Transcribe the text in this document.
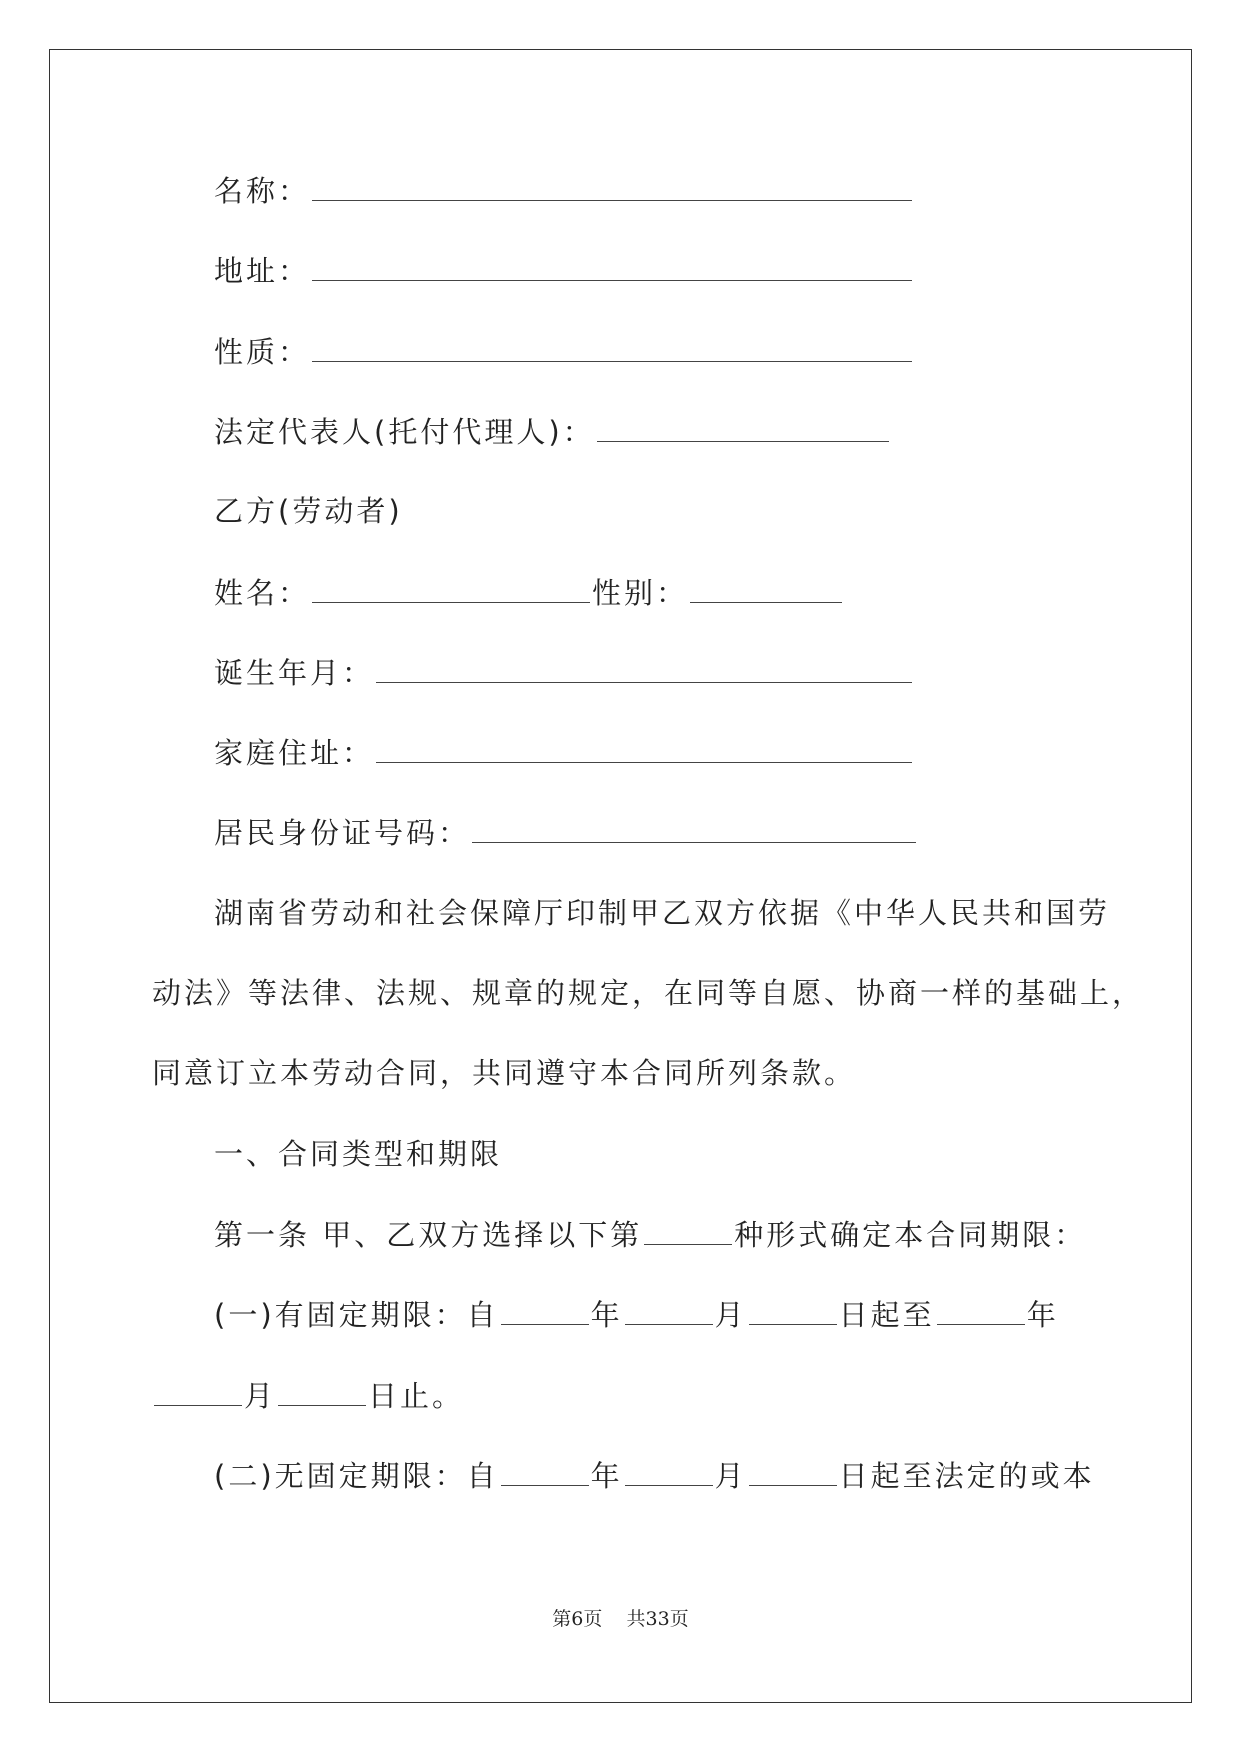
名称：
地址：
性质：
法定代表人(托付代理人)：
乙方(劳动者)
姓名：	性别：
诞生年月：
家庭住址：
居民身份证号码：
湖南省劳动和社会保障厅印制甲乙双方依据《中华人民共和国劳
动法》等法律、法规、规章的规定，在同等自愿、协商一样的基础上，
同意订立本劳动合同，共同遵守本合同所列条款。
一、合同类型和期限
第一条 甲、乙双方选择以下第	种形式确定本合同期限：
(一)有固定期限：自	年	月	日起至	年
月	日止。
(二)无固定期限：自	年	月	日起至法定的或本
第6页 共33页
